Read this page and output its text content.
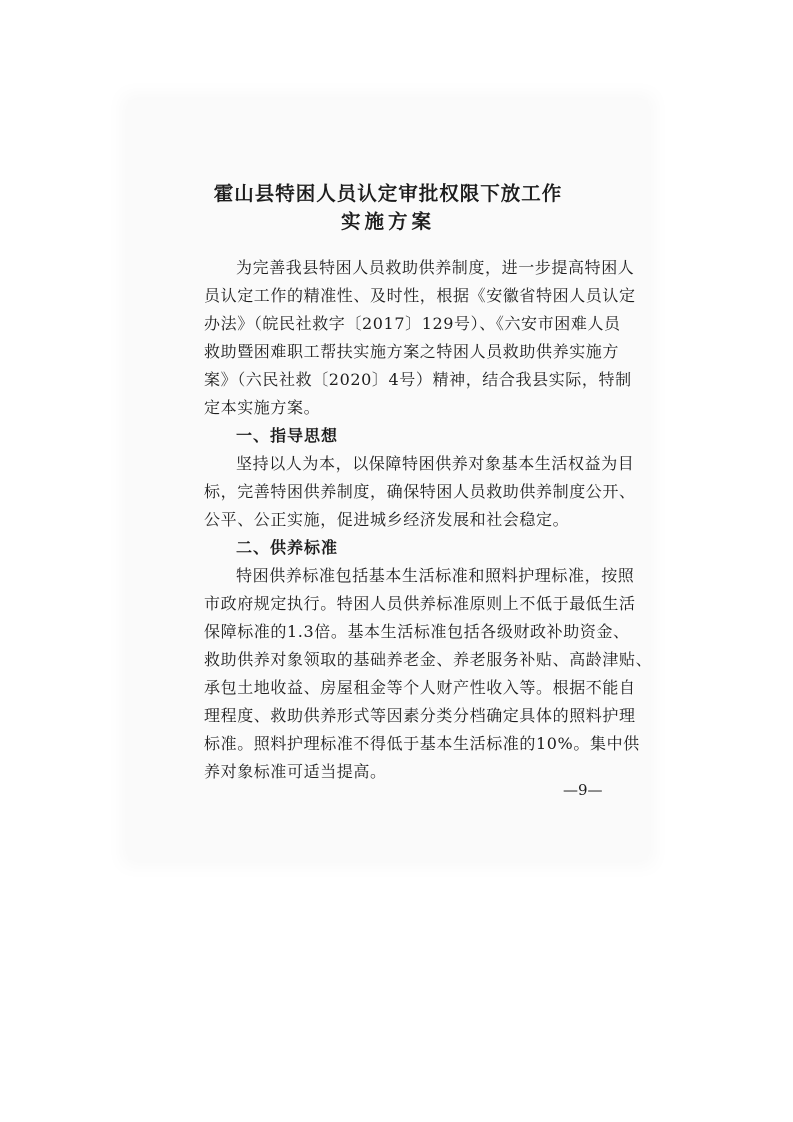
霍山县特困人员认定审批权限下放工作
实施方案
为完善我县特困人员救助供养制度，进一步提高特困人
员认定工作的精准性、及时性，根据《安徽省特困人员认定
办法》（皖民社救字〔2017〕129号）、《六安市困难人员
救助暨困难职工帮扶实施方案之特困人员救助供养实施方
案》（六民社救〔2020〕4号）精神，结合我县实际，特制
定本实施方案。
一、指导思想
坚持以人为本，以保障特困供养对象基本生活权益为目
标，完善特困供养制度，确保特困人员救助供养制度公开、
公平、公正实施，促进城乡经济发展和社会稳定。
二、供养标准
特困供养标准包括基本生活标准和照料护理标准，按照
市政府规定执行。特困人员供养标准原则上不低于最低生活
保障标准的1.3倍。基本生活标准包括各级财政补助资金、
救助供养对象领取的基础养老金、养老服务补贴、高龄津贴、
承包土地收益、房屋租金等个人财产性收入等。根据不能自
理程度、救助供养形式等因素分类分档确定具体的照料护理
标准。照料护理标准不得低于基本生活标准的10%。集中供
养对象标准可适当提高。
—9—
